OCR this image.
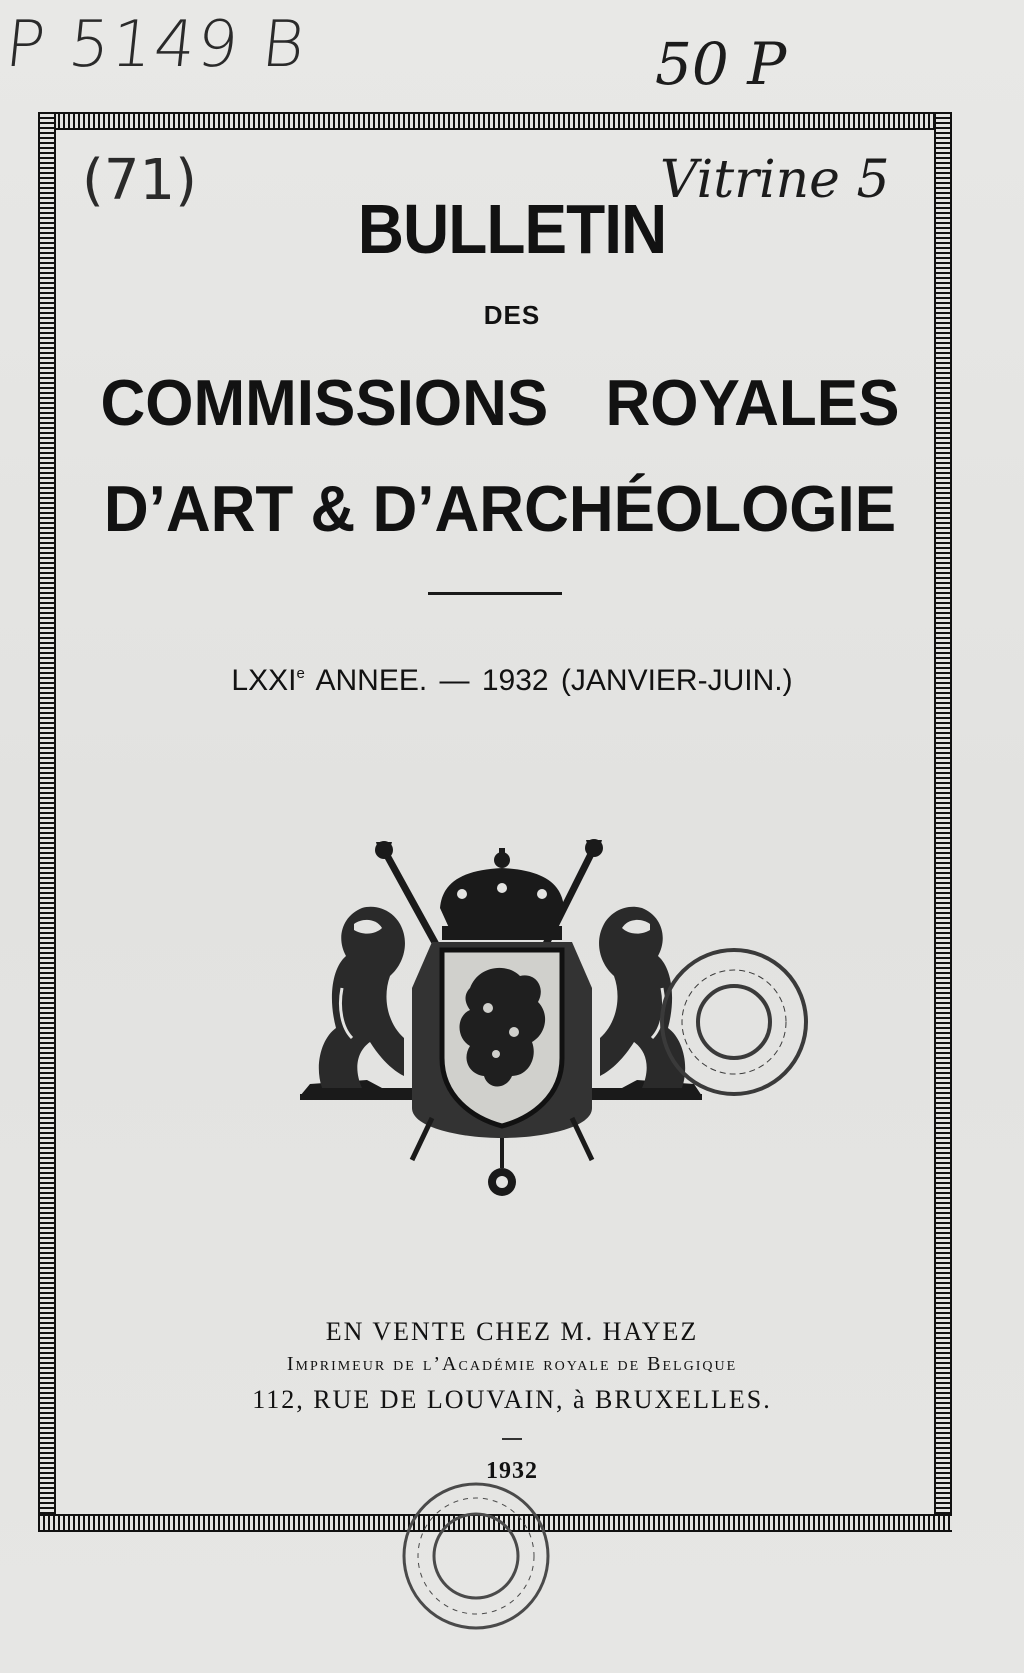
P 5149 B	50 P
(71)	Vitrine 5
BULLETIN
DES
COMMISSIONS ROYALES
D’ART & D’ARCHÉOLOGIE
LXXIe ANNEE. — 1932 (JANVIER-JUIN.)
EN VENTE CHEZ M. HAYEZ
Imprimeur de l’Académie royale de Belgique
112, RUE DE LOUVAIN, à BRUXELLES.
1932
